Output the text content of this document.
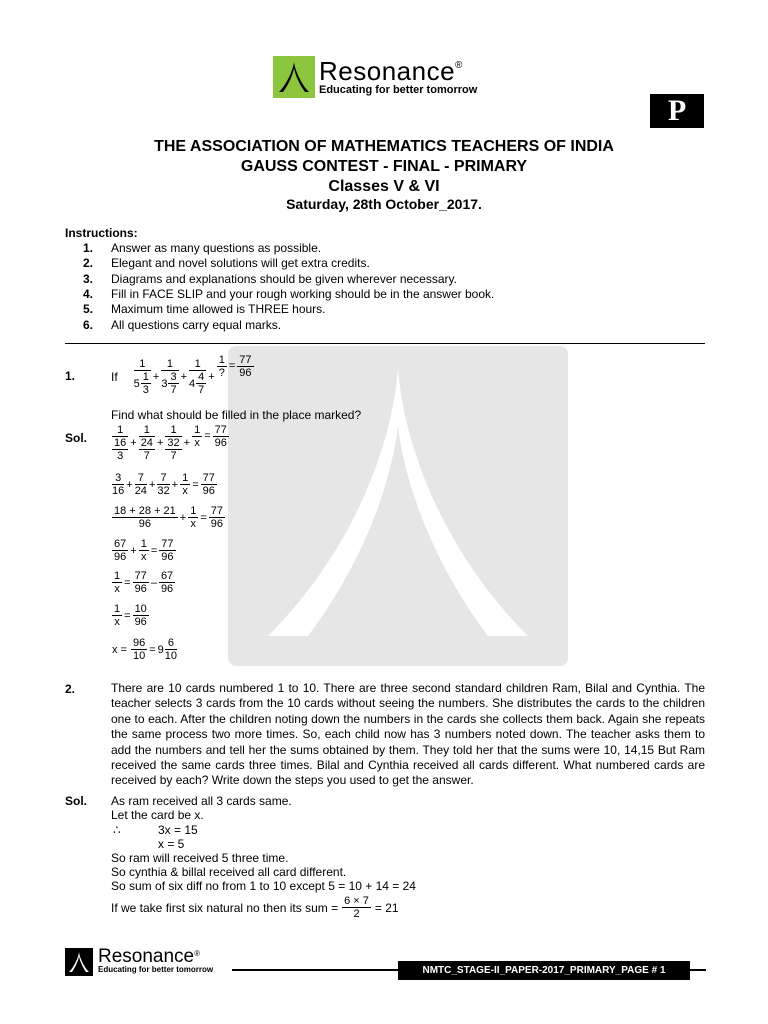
Resonance®
Educating for better tomorrow
P
THE ASSOCIATION OF MATHEMATICS TEACHERS OF INDIA
GAUSS CONTEST - FINAL - PRIMARY
Classes V & VI
Saturday, 28th October_2017.
Instructions:
1. Answer as many questions as possible.
2. Elegant and novel solutions will get extra credits.
3. Diagrams and explanations should be given wherever necessary.
4. Fill in FACE SLIP and your rough working should be in the answer book.
5. Maximum time allowed is THREE hours.
6. All questions carry equal marks.
1.	If $\frac{1}{5 \frac{1}{3}} + \frac{1}{3 \frac{3}{7}} + \frac{1}{4 \frac{4}{7}} + \frac{1}{?} = \frac{77}{96}$
Find what should be filled in the place marked?
Sol. $\frac{1}{\frac{16}{3}} + \frac{1}{\frac{24}{7}} + \frac{1}{\frac{32}{7}} + \frac{1}{x} = \frac{77}{96}$
$\frac{3}{16} + \frac{7}{24} + \frac{7}{32} + \frac{1}{x} = \frac{77}{96}$
$\frac{18 + 28 + 21}{96} + \frac{1}{x} = \frac{77}{96}$
$\frac{67}{96} + \frac{1}{x} = \frac{77}{96}$
$\frac{1}{x} = \frac{77}{96} - \frac{67}{96}$
$\frac{1}{x} = \frac{10}{96}$
$x = \frac{96}{10} = 9 \frac{6}{10}$
2.	There are 10 cards numbered 1 to 10. There are three second standard children Ram, Bilal and Cynthia. The teacher selects 3 cards from the 10 cards without seeing the numbers. She distributes the cards to the children one to each. After the children noting down the numbers in the cards she collects them back. Again she repeats the same process two more times. So, each child now has 3 numbers noted down. The teacher asks them to add the numbers and tell her the sums obtained by them. They told her that the sums were 10, 14,15 But Ram received the same cards three times. Bilal and Cynthia received all cards different. What numbered cards are received by each? Write down the steps you used to get the answer.
Sol. As ram received all 3 cards same.
Let the card be x.
∴	3x = 15
x = 5
So ram will received 5 three time.
So cynthia & billal received all card different.
So sum of six diff no from 1 to 10 except 5 = 10 + 14 = 24
If we take first six natural no then its sum = $\frac{6 \times 7}{2} = 21$
Resonance®
Educating for better tomorrow	NMTC_STAGE-II_PAPER-2017_PRIMARY_PAGE # 1
